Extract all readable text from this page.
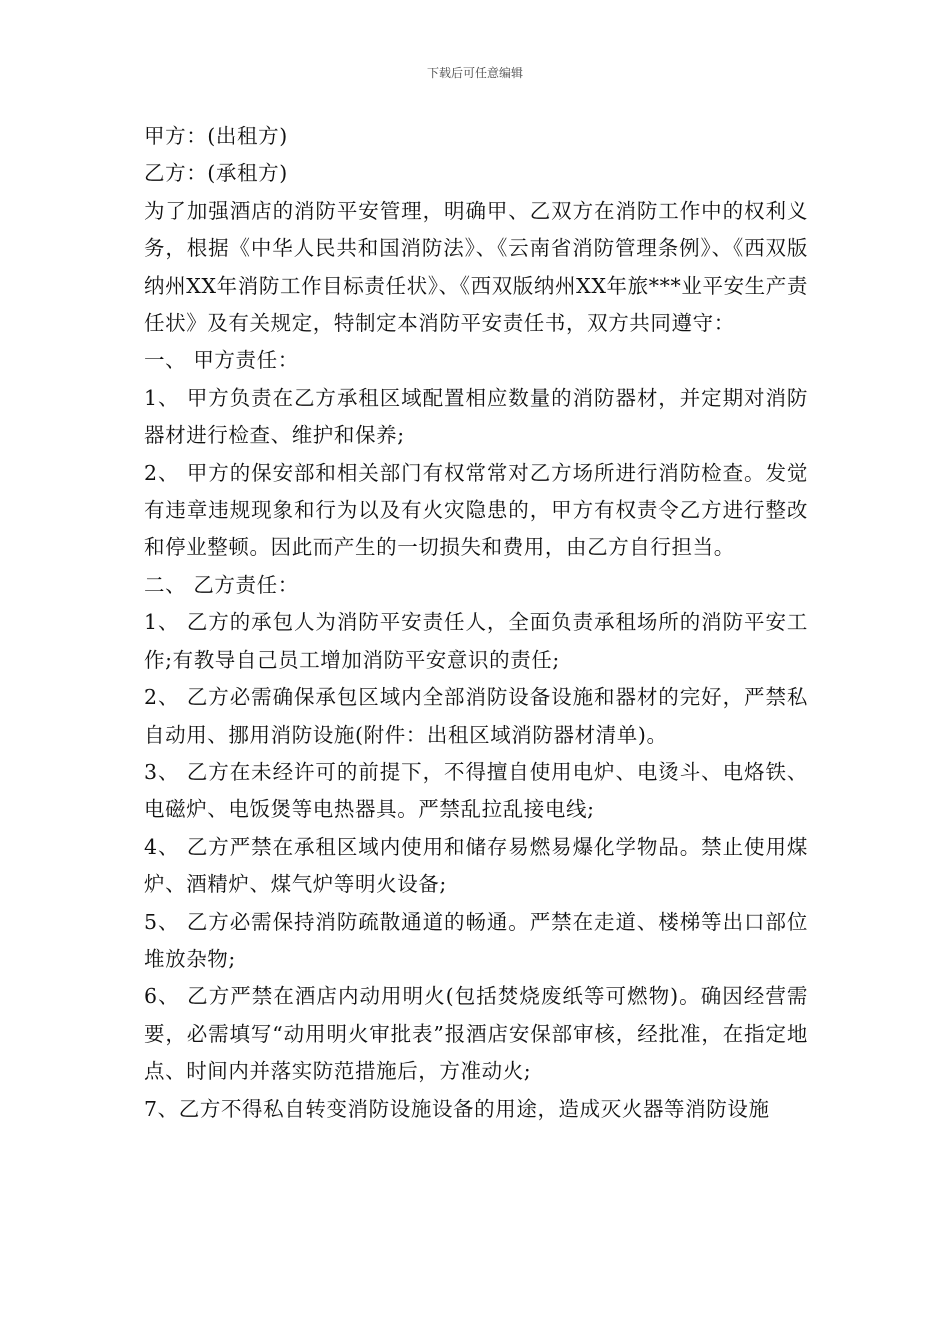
下载后可任意编辑

甲方：(出租方)

乙方：(承租方)

为了加强酒店的消防平安管理，明确甲、乙双方在消防工作中的权利义务，根据《中华人民共和国消防法》、《云南省消防管理条例》、《西双版纳州XX年消防工作目标责任状》、《西双版纳州XX年旅***业平安生产责任状》及有关规定，特制定本消防平安责任书，双方共同遵守：

一、 甲方责任：

1、 甲方负责在乙方承租区域配置相应数量的消防器材，并定期对消防器材进行检查、维护和保养;

2、 甲方的保安部和相关部门有权常常对乙方场所进行消防检查。发觉有违章违规现象和行为以及有火灾隐患的，甲方有权责令乙方进行整改和停业整顿。因此而产生的一切损失和费用，由乙方自行担当。

二、 乙方责任：

1、 乙方的承包人为消防平安责任人，全面负责承租场所的消防平安工作;有教导自己员工增加消防平安意识的责任;

2、 乙方必需确保承包区域内全部消防设备设施和器材的完好，严禁私自动用、挪用消防设施(附件：出租区域消防器材清单)。

3、 乙方在未经许可的前提下，不得擅自使用电炉、电烫斗、电烙铁、电磁炉、电饭煲等电热器具。严禁乱拉乱接电线;

4、 乙方严禁在承租区域内使用和储存易燃易爆化学物品。禁止使用煤炉、酒精炉、煤气炉等明火设备;

5、 乙方必需保持消防疏散通道的畅通。严禁在走道、楼梯等出口部位堆放杂物;

6、 乙方严禁在酒店内动用明火(包括焚烧废纸等可燃物)。确因经营需要，必需填写“动用明火审批表”报酒店安保部审核，经批准，在指定地点、时间内并落实防范措施后，方准动火;

7、乙方不得私自转变消防设施设备的用途，造成灭火器等消防设施
